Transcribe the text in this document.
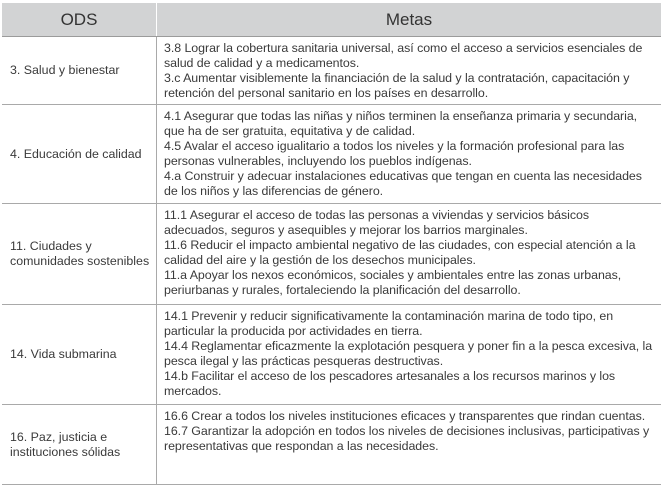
ODS	Metas
3. Salud y bienestar
3.8 Lograr la cobertura sanitaria universal, así como el acceso a servicios esenciales de salud de calidad y a medicamentos.
3.c Aumentar visiblemente la financiación de la salud y la contratación, capacitación y retención del personal sanitario en los países en desarrollo.
4. Educación de calidad
4.1 Asegurar que todas las niñas y niños terminen la enseñanza primaria y secundaria, que ha de ser gratuita, equitativa y de calidad.
4.5 Avalar el acceso igualitario a todos los niveles y la formación profesional para las personas vulnerables, incluyendo los pueblos indígenas.
4.a Construir y adecuar instalaciones educativas que tengan en cuenta las necesidades de los niños y las diferencias de género.
11. Ciudades y comunidades sostenibles
11.1 Asegurar el acceso de todas las personas a viviendas y servicios básicos adecuados, seguros y asequibles y mejorar los barrios marginales.
11.6 Reducir el impacto ambiental negativo de las ciudades, con especial atención a la calidad del aire y la gestión de los desechos municipales.
11.a Apoyar los nexos económicos, sociales y ambientales entre las zonas urbanas, periurbanas y rurales, fortaleciendo la planificación del desarrollo.
14. Vida submarina
14.1 Prevenir y reducir significativamente la contaminación marina de todo tipo, en particular la producida por actividades en tierra.
14.4 Reglamentar eficazmente la explotación pesquera y poner fin a la pesca excesiva, la pesca ilegal y las prácticas pesqueras destructivas.
14.b Facilitar el acceso de los pescadores artesanales a los recursos marinos y los mercados.
16. Paz, justicia e instituciones sólidas
16.6 Crear a todos los niveles instituciones eficaces y transparentes que rindan cuentas.
16.7 Garantizar la adopción en todos los niveles de decisiones inclusivas, participativas y representativas que respondan a las necesidades.
